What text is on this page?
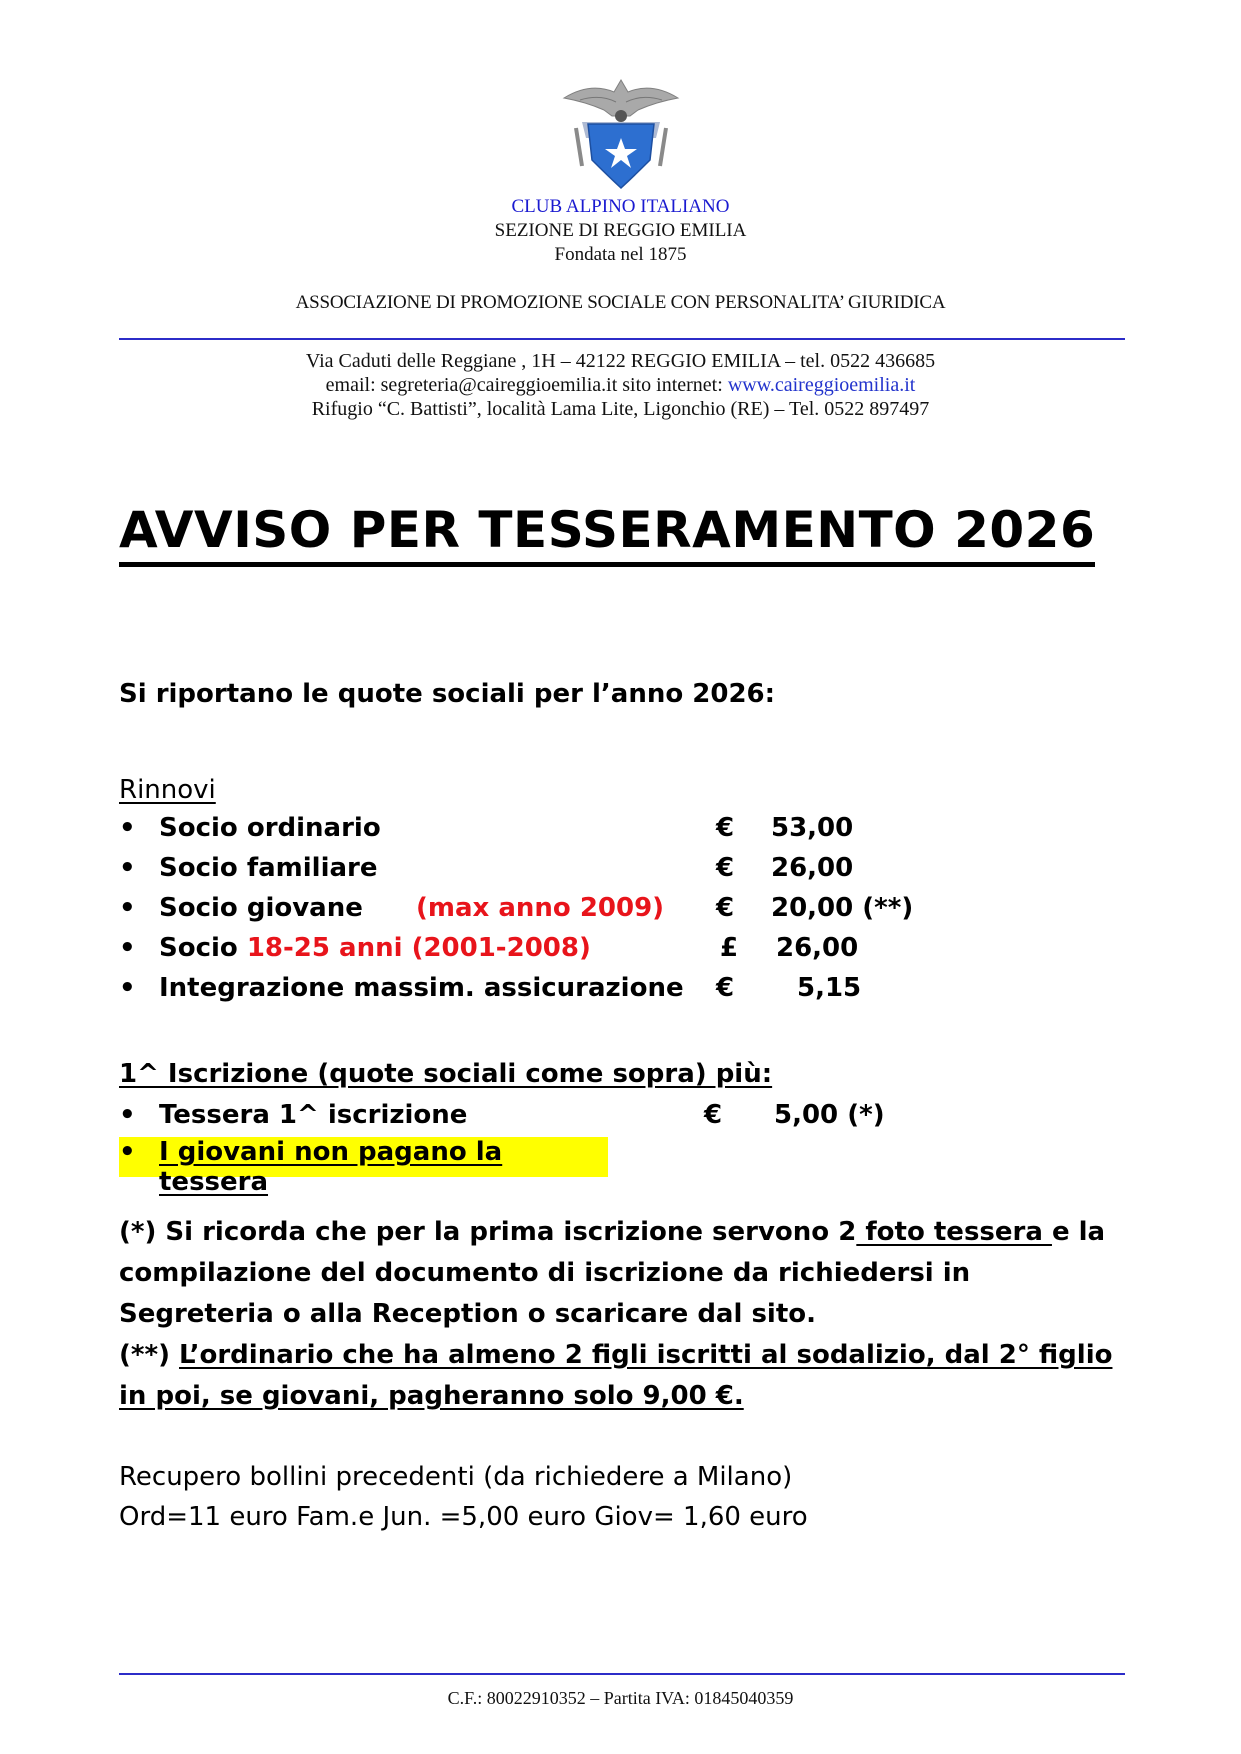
CLUB ALPINO ITALIANO
SEZIONE DI REGGIO EMILIA
Fondata nel 1875
ASSOCIAZIONE DI PROMOZIONE SOCIALE CON PERSONALITA’ GIURIDICA
Via Caduti delle Reggiane , 1H – 42122 REGGIO EMILIA – tel. 0522 436685
email: segreteria@caireggioemilia.it sito internet: www.caireggioemilia.it
Rifugio “C. Battisti”, località Lama Lite, Ligonchio (RE) – Tel. 0522 897497
AVVISO PER TESSERAMENTO 2026
Si riportano le quote sociali per l’anno 2026:
Rinnovi
• Socio ordinario	€ 53,00
• Socio familiare	€ 26,00
• Socio giovane (max anno 2009) € 20,00 (**)
• Socio 18-25 anni (2001-2008)	£ 26,00
• Integrazione massim. assicurazione € 5,15
1^ Iscrizione (quote sociali come sopra) più:
• Tessera 1^ iscrizione	€ 5,00 (*)
• I giovani non pagano la tessera
(*) Si ricorda che per la prima iscrizione servono 2 foto tessera e la compilazione del documento di iscrizione da richiedersi in Segreteria o alla Reception o scaricare dal sito.
(**) L’ordinario che ha almeno 2 figli iscritti al sodalizio, dal 2° figlio in poi, se giovani, pagheranno solo 9,00 €.
Recupero bollini precedenti (da richiedere a Milano)
Ord=11 euro Fam.e Jun. =5,00 euro Giov= 1,60 euro
C.F.: 80022910352 – Partita IVA: 01845040359
